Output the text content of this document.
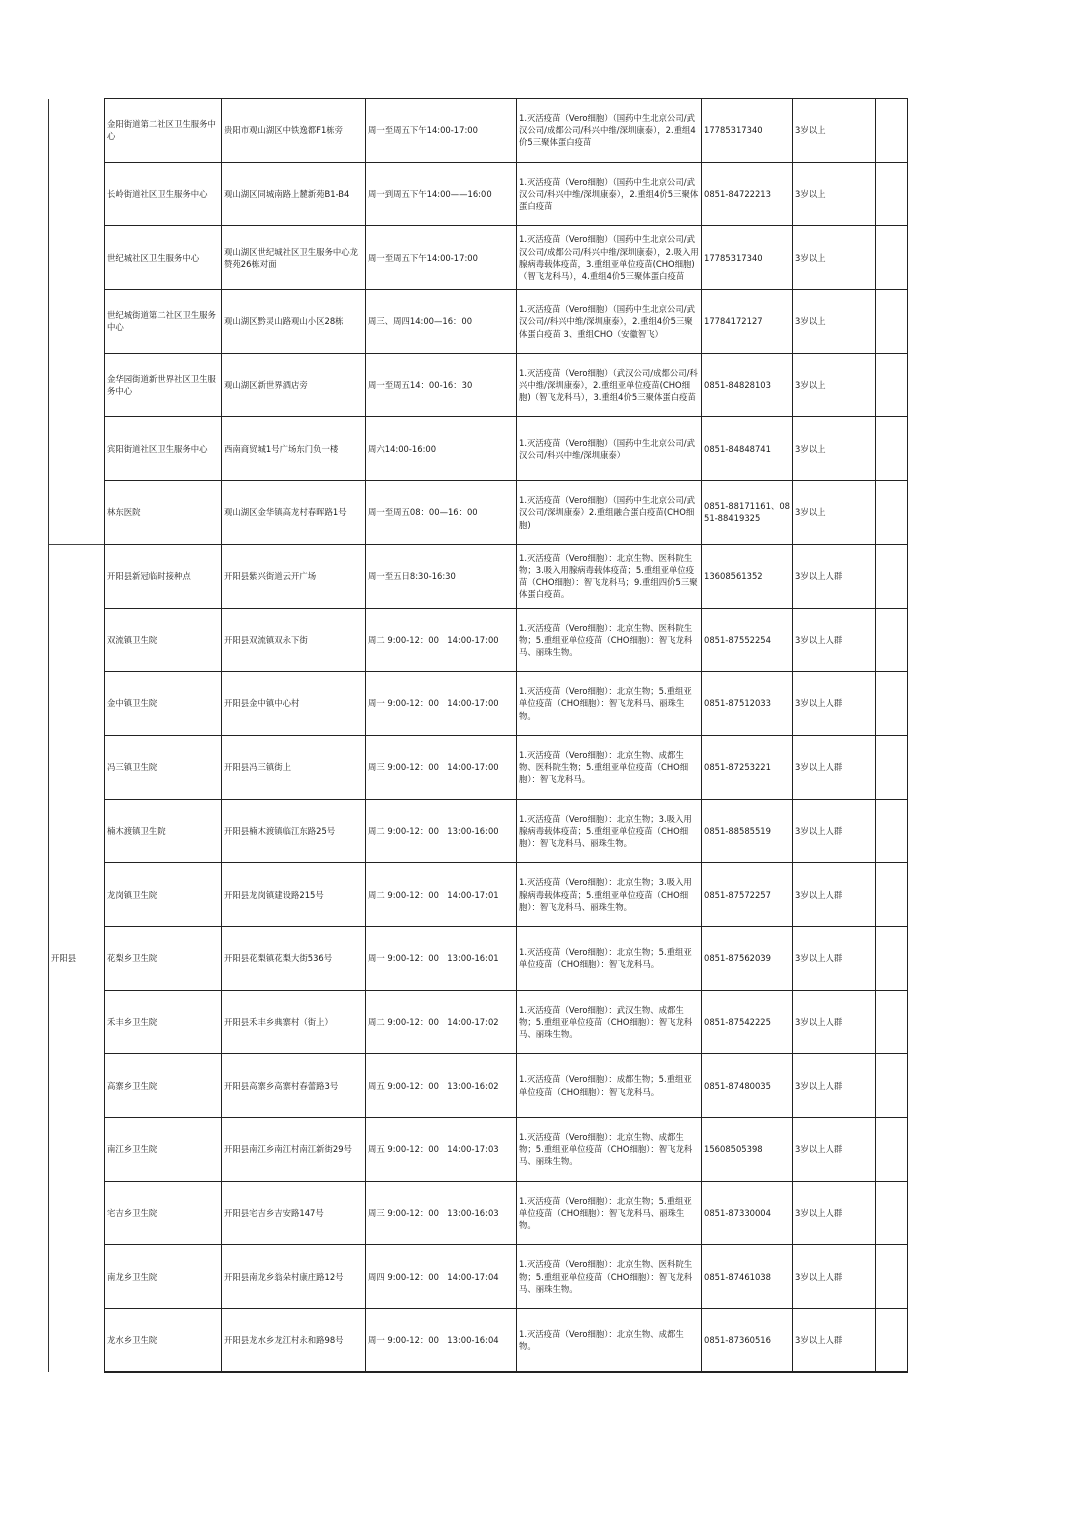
	金阳街道第二社区卫生服务中心	贵阳市观山湖区中铁逸都F1栋旁	周一至周五下午14:00-17:00	1.灭活疫苗（Vero细胞）（国药中生北京公司/武汉公司/成都公司/科兴中维/深圳康泰），2.重组4价5三聚体蛋白疫苗	17785317340	3岁以上	
	长岭街道社区卫生服务中心	观山湖区同城南路上麓新苑B1-B4	周一到周五下午14:00——16:00	1.灭活疫苗（Vero细胞）（国药中生北京公司/武汉公司/科兴中维/深圳康泰），2.重组4价5三聚体蛋白疫苗	0851-84722213	3岁以上	
	世纪城社区卫生服务中心	观山湖区世纪城社区卫生服务中心龙赞苑26栋对面	周一至周五下午14:00-17:00	1.灭活疫苗（Vero细胞）（国药中生北京公司/武汉公司/成都公司/科兴中维/深圳康泰），2.吸入用腺病毒载体疫苗，3.重组亚单位疫苗(CHO细胞)（智飞龙科马），4.重组4价5三聚体蛋白疫苗	17785317340	3岁以上	
	世纪城街道第二社区卫生服务中心	观山湖区黔灵山路观山小区28栋	周三、周四14:00—16：00	1.灭活疫苗（Vero细胞）（国药中生北京公司/武汉公司//科兴中维/深圳康泰），2.重组4价5三聚体蛋白疫苗 3、重组CHO（安徽智飞）	17784172127	3岁以上	
	金华园街道新世界社区卫生服务中心	观山湖区新世界酒店旁	周一至周五14：00-16：30	1.灭活疫苗（Vero细胞）（武汉公司/成都公司/科兴中维/深圳康泰），2.重组亚单位疫苗(CHO细胞)（智飞龙科马），3.重组4价5三聚体蛋白疫苗	0851-84828103	3岁以上	
	宾阳街道社区卫生服务中心	西南商贸城1号广场东门负一楼	周六14:00-16:00	1.灭活疫苗（Vero细胞）（国药中生北京公司/武汉公司/科兴中维/深圳康泰）	0851-84848741	3岁以上	
	林东医院	观山湖区金华镇高龙村春晖路1号	周一至周五08：00—16：00	1.灭活疫苗（Vero细胞）（国药中生北京公司/武汉公司/深圳康泰）2.重组融合蛋白疫苗(CHO细胞)	0851-88171161、0851-88419325	3岁以上	
开阳县	开阳县新冠临时接种点	开阳县紫兴街道云开广场	周一至五日8:30-16:30	1.灭活疫苗（Vero细胞）：北京生物、医科院生物；3.吸入用腺病毒载体疫苗；5.重组亚单位疫苗（CHO细胞）：智飞龙科马；9.重组四价5三聚体蛋白疫苗。	13608561352	3岁以上人群	
	双流镇卫生院	开阳县双流镇双永下街	周二 9:00-12：00　14:00-17:00	1.灭活疫苗（Vero细胞）：北京生物、医科院生物；5.重组亚单位疫苗（CHO细胞）：智飞龙科马、丽珠生物。	0851-87552254	3岁以上人群	
	金中镇卫生院	开阳县金中镇中心村	周一 9:00-12：00　14:00-17:00	1.灭活疫苗（Vero细胞）：北京生物；5.重组亚单位疫苗（CHO细胞）：智飞龙科马、丽珠生物。	0851-87512033	3岁以上人群	
	冯三镇卫生院	开阳县冯三镇街上	周三 9:00-12：00　14:00-17:00	1.灭活疫苗（Vero细胞）：北京生物、成都生物、医科院生物；5.重组亚单位疫苗（CHO细胞）：智飞龙科马。	0851-87253221	3岁以上人群	
	楠木渡镇卫生院	开阳县楠木渡镇临江东路25号	周二 9:00-12：00　13:00-16:00	1.灭活疫苗（Vero细胞）：北京生物；3.吸入用腺病毒载体疫苗；5.重组亚单位疫苗（CHO细胞）：智飞龙科马、丽珠生物。	0851-88585519	3岁以上人群	
	龙岗镇卫生院	开阳县龙岗镇建设路215号	周二 9:00-12：00　14:00-17:01	1.灭活疫苗（Vero细胞）：北京生物；3.吸入用腺病毒载体疫苗；5.重组亚单位疫苗（CHO细胞）：智飞龙科马、丽珠生物。	0851-87572257	3岁以上人群	
	花梨乡卫生院	开阳县花梨镇花梨大街536号	周一 9:00-12：00　13:00-16:01	1.灭活疫苗（Vero细胞）：北京生物；5.重组亚单位疫苗（CHO细胞）：智飞龙科马。	0851-87562039	3岁以上人群	
	禾丰乡卫生院	开阳县禾丰乡典寨村（街上）	周二 9:00-12：00　14:00-17:02	1.灭活疫苗（Vero细胞）：武汉生物、成都生物；5.重组亚单位疫苗（CHO细胞）：智飞龙科马、丽珠生物。	0851-87542225	3岁以上人群	
	高寨乡卫生院	开阳县高寨乡高寨村春蕾路3号	周五 9:00-12：00　13:00-16:02	1.灭活疫苗（Vero细胞）：成都生物；5.重组亚单位疫苗（CHO细胞）：智飞龙科马。	0851-87480035	3岁以上人群	
	南江乡卫生院	开阳县南江乡南江村南江新街29号	周五 9:00-12：00　14:00-17:03	1.灭活疫苗（Vero细胞）：北京生物、成都生物；5.重组亚单位疫苗（CHO细胞）：智飞龙科马、丽珠生物。	15608505398	3岁以上人群	
	宅吉乡卫生院	开阳县宅吉乡吉安路147号	周三 9:00-12：00　13:00-16:03	1.灭活疫苗（Vero细胞）：北京生物；5.重组亚单位疫苗（CHO细胞）：智飞龙科马、丽珠生物。	0851-87330004	3岁以上人群	
	南龙乡卫生院	开阳县南龙乡翁朵村康庄路12号	周四 9:00-12：00　14:00-17:04	1.灭活疫苗（Vero细胞）：北京生物、医科院生物；5.重组亚单位疫苗（CHO细胞）：智飞龙科马、丽珠生物。	0851-87461038	3岁以上人群	
	龙水乡卫生院	开阳县龙水乡龙江村永和路98号	周一 9:00-12：00　13:00-16:04	1.灭活疫苗（Vero细胞）：北京生物、成都生物。	0851-87360516	3岁以上人群	
